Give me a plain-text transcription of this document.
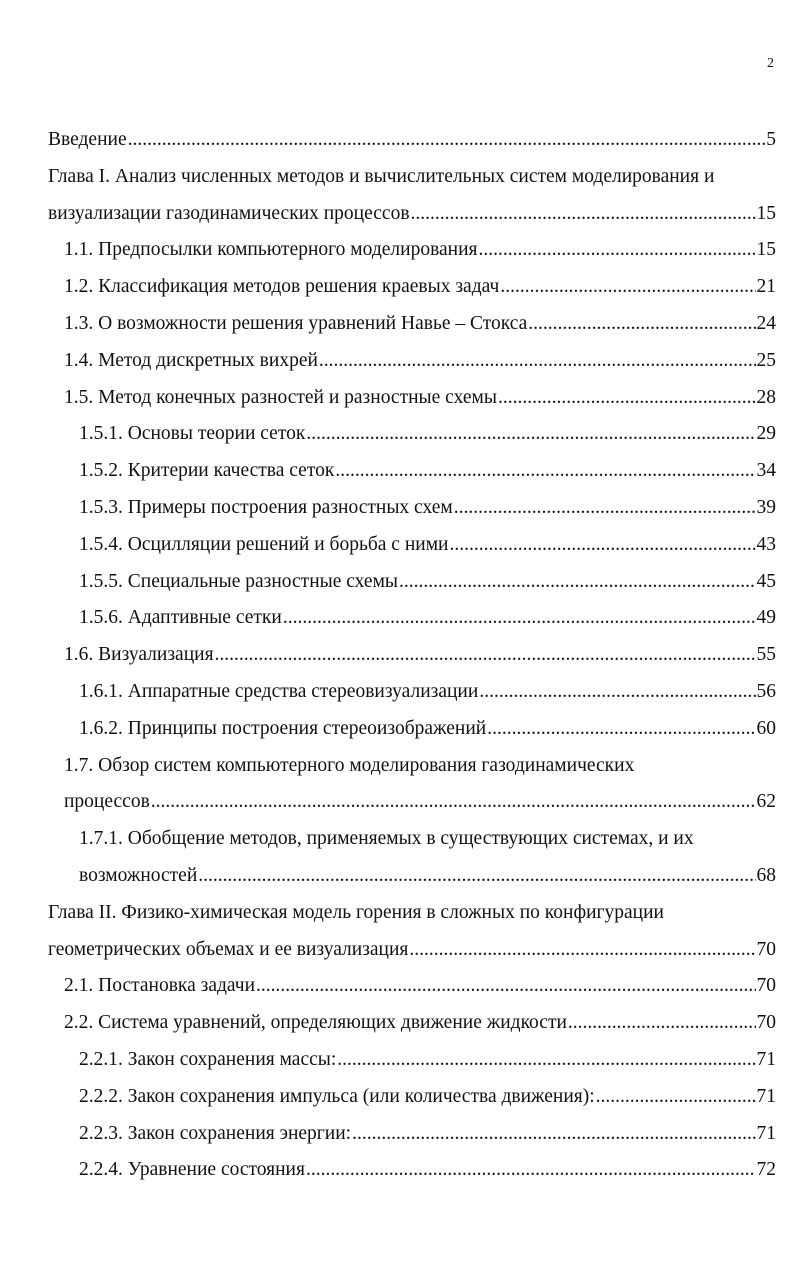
2
Введение .....	5
Глава I. Анализ численных методов и вычислительных систем моделирования и
визуализации газодинамических процессов .....	15
1.1. Предпосылки компьютерного моделирования .....	15
1.2. Классификация методов решения краевых задач .....	21
1.3. О возможности решения уравнений Навье – Стокса .....	24
1.4. Метод дискретных вихрей .....	25
1.5. Метод конечных разностей и разностные схемы .....	28
1.5.1. Основы теории сеток .....	29
1.5.2. Критерии качества сеток .....	34
1.5.3. Примеры построения разностных схем .....	39
1.5.4. Осцилляции решений и борьба с ними .....	43
1.5.5. Специальные разностные схемы .....	45
1.5.6. Адаптивные сетки .....	49
1.6. Визуализация .....	55
1.6.1. Аппаратные средства стереовизуализации .....	56
1.6.2. Принципы построения стереоизображений .....	60
1.7. Обзор систем компьютерного моделирования газодинамических
процессов .....	62
1.7.1. Обобщение методов, применяемых в существующих системах, и их
возможностей .....	68
Глава II. Физико-химическая модель горения в сложных по конфигурации
геометрических объемах и ее визуализация .....	70
2.1. Постановка задачи .....	70
2.2. Система уравнений, определяющих движение жидкости .....	70
2.2.1. Закон сохранения массы: .....	71
2.2.2. Закон сохранения импульса (или количества движения): .....	71
2.2.3. Закон сохранения энергии: .....	71
2.2.4. Уравнение состояния .....	72
